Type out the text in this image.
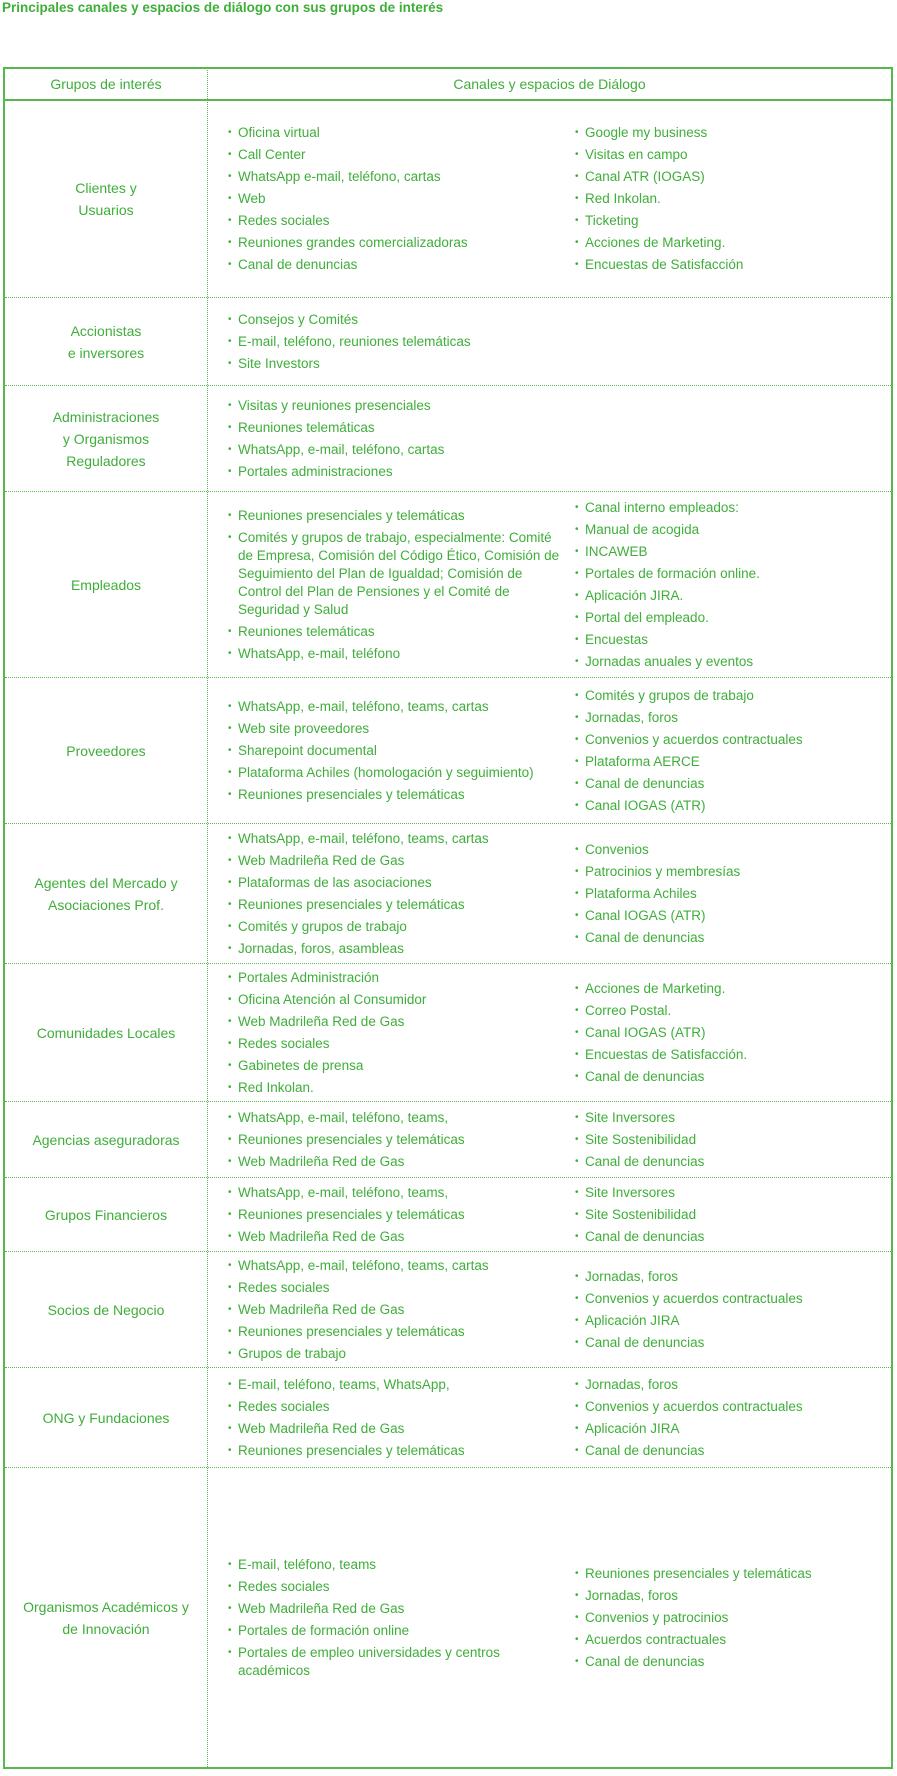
Principales canales y espacios de diálogo con sus grupos de interés
Grupos de interés	Canales y espacios de Diálogo
Clientes y
Usuarios
• Oficina virtual
• Call Center
• WhatsApp e-mail, teléfono, cartas
• Web
• Redes sociales
• Reuniones grandes comercializadoras
• Canal de denuncias
• Google my business
• Visitas en campo
• Canal ATR (IOGAS)
• Red Inkolan.
• Ticketing
• Acciones de Marketing.
• Encuestas de Satisfacción
Accionistas
e inversores
• Consejos y Comités
• E-mail, teléfono, reuniones telemáticas
• Site Investors
Administraciones
y Organismos
Reguladores
• Visitas y reuniones presenciales
• Reuniones telemáticas
• WhatsApp, e-mail, teléfono, cartas
• Portales administraciones
Empleados
• Reuniones presenciales y telemáticas
• Comités y grupos de trabajo, especialmente: Comité de Empresa, Comisión del Código Ético, Comisión de Seguimiento del Plan de Igualdad; Comisión de Control del Plan de Pensiones y el Comité de Seguridad y Salud
• Reuniones telemáticas
• WhatsApp, e-mail, teléfono
• Canal interno empleados:
• Manual de acogida
• INCAWEB
• Portales de formación online.
• Aplicación JIRA.
• Portal del empleado.
• Encuestas
• Jornadas anuales y eventos
Proveedores
• WhatsApp, e-mail, teléfono, teams, cartas
• Web site proveedores
• Sharepoint documental
• Plataforma Achiles (homologación y seguimiento)
• Reuniones presenciales y telemáticas
• Comités y grupos de trabajo
• Jornadas, foros
• Convenios y acuerdos contractuales
• Plataforma AERCE
• Canal de denuncias
• Canal IOGAS (ATR)
Agentes del Mercado y
Asociaciones Prof.
• WhatsApp, e-mail, teléfono, teams, cartas
• Web Madrileña Red de Gas
• Plataformas de las asociaciones
• Reuniones presenciales y telemáticas
• Comités y grupos de trabajo
• Jornadas, foros, asambleas
• Convenios
• Patrocinios y membresías
• Plataforma Achiles
• Canal IOGAS (ATR)
• Canal de denuncias
Comunidades Locales
• Portales Administración
• Oficina Atención al Consumidor
• Web Madrileña Red de Gas
• Redes sociales
• Gabinetes de prensa
• Red Inkolan.
• Acciones de Marketing.
• Correo Postal.
• Canal IOGAS (ATR)
• Encuestas de Satisfacción.
• Canal de denuncias
Agencias aseguradoras
• WhatsApp, e-mail, teléfono, teams,
• Reuniones presenciales y telemáticas
• Web Madrileña Red de Gas
• Site Inversores
• Site Sostenibilidad
• Canal de denuncias
Grupos Financieros
• WhatsApp, e-mail, teléfono, teams,
• Reuniones presenciales y telemáticas
• Web Madrileña Red de Gas
• Site Inversores
• Site Sostenibilidad
• Canal de denuncias
Socios de Negocio
• WhatsApp, e-mail, teléfono, teams, cartas
• Redes sociales
• Web Madrileña Red de Gas
• Reuniones presenciales y telemáticas
• Grupos de trabajo
• Jornadas, foros
• Convenios y acuerdos contractuales
• Aplicación JIRA
• Canal de denuncias
ONG y Fundaciones
• E-mail, teléfono, teams, WhatsApp,
• Redes sociales
• Web Madrileña Red de Gas
• Reuniones presenciales y telemáticas
• Jornadas, foros
• Convenios y acuerdos contractuales
• Aplicación JIRA
• Canal de denuncias
Organismos Académicos y
de Innovación
• E-mail, teléfono, teams
• Redes sociales
• Web Madrileña Red de Gas
• Portales de formación online
• Portales de empleo universidades y centros académicos
• Reuniones presenciales y telemáticas
• Jornadas, foros
• Convenios y patrocinios
• Acuerdos contractuales
• Canal de denuncias
